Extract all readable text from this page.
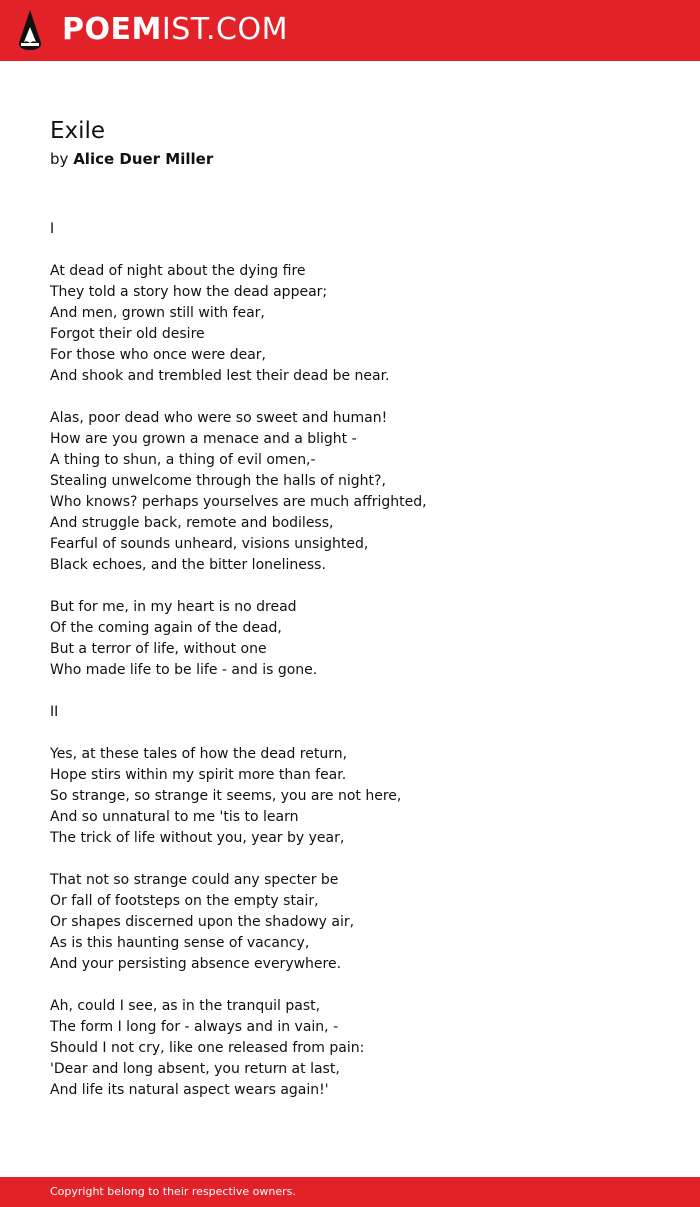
POEMIST.COM
Exile
by Alice Duer Miller
I
At dead of night about the dying fire
They told a story how the dead appear;
And men, grown still with fear,
Forgot their old desire
For those who once were dear,
And shook and trembled lest their dead be near.
Alas, poor dead who were so sweet and human!
How are you grown a menace and a blight -
A thing to shun, a thing of evil omen,-
Stealing unwelcome through the halls of night?,
Who knows? perhaps yourselves are much affrighted,
And struggle back, remote and bodiless,
Fearful of sounds unheard, visions unsighted,
Black echoes, and the bitter loneliness.
But for me, in my heart is no dread
Of the coming again of the dead,
But a terror of life, without one
Who made life to be life - and is gone.
II
Yes, at these tales of how the dead return,
Hope stirs within my spirit more than fear.
So strange, so strange it seems, you are not here,
And so unnatural to me 'tis to learn
The trick of life without you, year by year,
That not so strange could any specter be
Or fall of footsteps on the empty stair,
Or shapes discerned upon the shadowy air,
As is this haunting sense of vacancy,
And your persisting absence everywhere.
Ah, could I see, as in the tranquil past,
The form I long for - always and in vain, -
Should I not cry, like one released from pain:
'Dear and long absent, you return at last,
And life its natural aspect wears again!'
Copyright belong to their respective owners.
